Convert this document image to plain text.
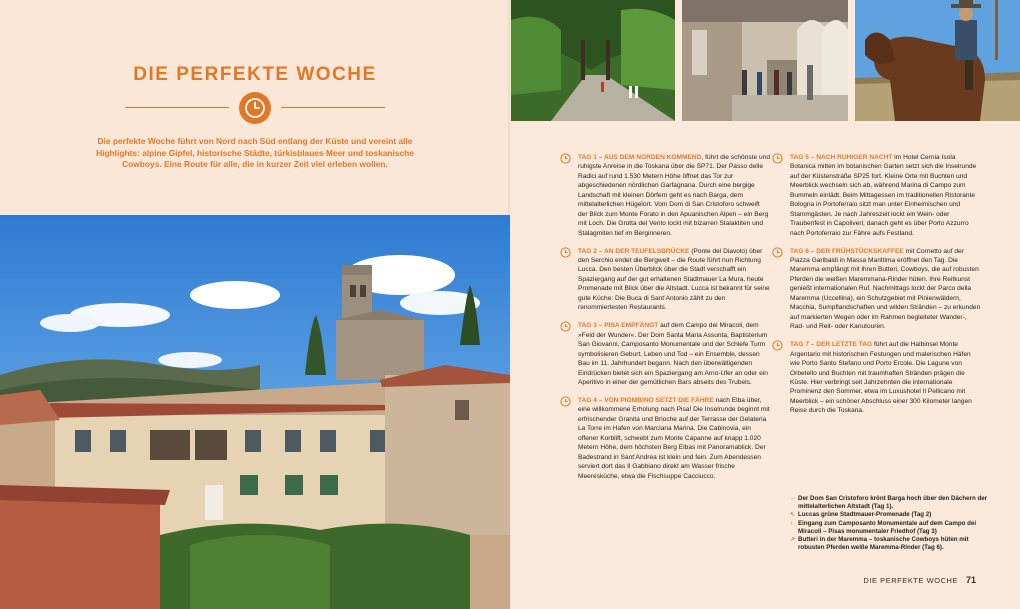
DIE PERFEKTE WOCHE
Die perfekte Woche führt von Nord nach Süd entlang der Küste und vereint alle Highlights: alpine Gipfel, historische Städte, türkisblaues Meer und toskanische Cowboys. Eine Route für alle, die in kurzer Zeit viel erleben wollen.
TAG 1 – AUS DEM NORDEN KOMMEND, führt die schönste und ruhigste Anreise in die Toskana über die SP71. Der Passo delle Radici auf rund 1.530 Metern Höhe öffnet das Tor zur abgeschiedenen nördlichen Garfagnana. Durch eine bergige Landschaft mit kleinen Dörfern geht es nach Barga, dem mittelalterlichen Hügelort. Vom Dom di San Cristoforo schweift der Blick zum Monte Forato in den Apuanischen Alpen – ein Berg mit Loch. Die Grotta del Vento lockt mit bizarren Stalaktiten und Stalagmiten tief im Berginneren.
TAG 2 – AN DER TEUFELSBRÜCKE (Ponte del Diavolo) über den Serchio endet die Bergwelt – die Route führt nun Richtung Lucca. Den besten Überblick über die Stadt verschafft ein Spaziergang auf der gut erhaltenen Stadtmauer La Mura, heute Promenade mit Blick über die Altstadt. Lucca ist bekannt für seine gute Küche: Die Buca di Sant’Antonio zählt zu den renommiertesten Restaurants.
TAG 3 – PISA EMPFÄNGT auf dem Campo dei Miracoli, dem »Feld der Wunder«. Der Dom Santa Maria Assunta, Baptisterium San Giovanni, Camposanto Monumentale und der Schiefe Turm symbolisieren Geburt, Leben und Tod – ein Ensemble, dessen Bau im 11. Jahrhundert begann. Nach den überwältigenden Eindrücken bietet sich ein Spaziergang am Arno-Ufer an oder ein Aperitivo in einer der gemütlichen Bars abseits des Trubels.
TAG 4 – VON PIOMBINO SETZT DIE FÄHRE nach Elba über, eine willkommene Erholung nach Pisa! Die Inselrunde beginnt mit erfrischender Granita und Brioche auf der Terrasse der Gelateria La Torre im Hafen von Marciana Marina. Die Cabinovia, ein offener Korblift, schwebt zum Monte Capanne auf knapp 1.020 Metern Höhe, dem höchsten Berg Elbas mit Panoramablick. Der Badestrand in Sant’Andrea ist klein und fein. Zum Abendessen serviert dort das Il Gabbiano direkt am Wasser frische Meeresküche, etwa die Fischsuppe Cacciucco.
TAG 5 – NACH RUHIGER NACHT im Hotel Cernia Isola Botanica mitten im botanischen Garten setzt sich die Inselrunde auf der Küstenstraße SP25 fort. Kleine Orte mit Buchten und Meerblick wechseln sich ab, während Marina di Campo zum Bummeln einlädt. Beim Mittagessen im traditionellen Ristorante Bologna in Portoferraio sitzt man unter Einheimischen und Stammgästen. Je nach Jahreszeit lockt ein Wein- oder Traubenfest in Capoliveri; danach geht es über Porto Azzurro nach Portoferraio zur Fähre aufs Festland.
TAG 6 – DER FRÜHSTÜCKSKAFFEE mit Cornetto auf der Piazza Garibaldi in Massa Marittima eröffnet den Tag. Die Maremma empfängt mit ihren Butteri, Cowboys, die auf robusten Pferden die weißen Maremmana-Rinder hüten. Ihre Reitkunst genießt internationalen Ruf. Nachmittags lockt der Parco della Maremma (Uccellina), ein Schutzgebiet mit Pinienwäldern, Macchia, Sumpflandschaften und wilden Stränden – zu erkunden auf markierten Wegen oder im Rahmen begleiteter Wander-, Rad- und Reit- oder Kanutouren.
TAG 7 – DER LETZTE TAG führt auf die Halbinsel Monte Argentario mit historischen Festungen und malerischen Häfen wie Porto Santo Stefano und Porto Ercole. Die Lagune von Orbetello und Buchten mit traumhaften Stränden prägen die Küste. Hier verbringt seit Jahrzehnten die internationale Prominenz den Sommer, etwa im Luxushotel Il Pellicano mit Meerblick – ein schöner Abschluss einer 300 Kilometer langen Reise durch die Toskana.
← Der Dom San Cristoforo krönt Barga hoch über den Dächern der mittelalterlichen Altstadt (Tag 1).
↖ Luccas grüne Stadtmauer-Promenade (Tag 2)
↑ Eingang zum Camposanto Monumentale auf dem Campo dei Miracoli – Pisas monumentaler Friedhof (Tag 3)
↗ Butteri in der Maremma – toskanische Cowboys hüten mit robusten Pferden weiße Maremma-Rinder (Tag 6).
DIE PERFEKTE WOCHE 71
